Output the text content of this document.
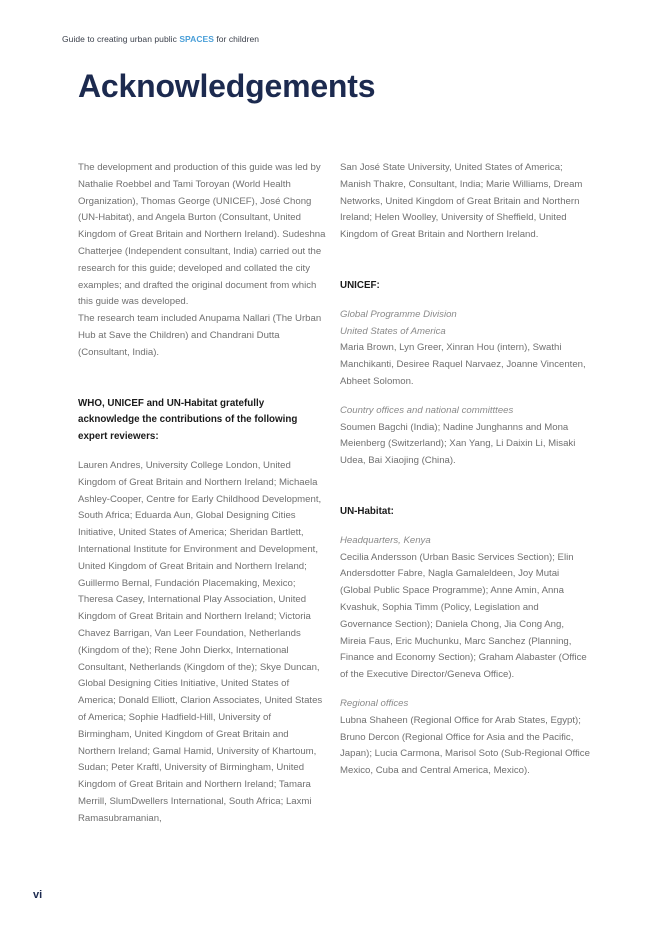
Guide to creating urban public SPACES for children
Acknowledgements

The development and production of this guide was led by Nathalie Roebbel and Tami Toroyan (World Health Organization), Thomas George (UNICEF), José Chong (UN-Habitat), and Angela Burton (Consultant, United Kingdom of Great Britain and Northern Ireland). Sudeshna Chatterjee (Independent consultant, India) carried out the research for this guide; developed and collated the city examples; and drafted the original document from which this guide was developed.

The research team included Anupama Nallari (The Urban Hub at Save the Children) and Chandrani Dutta (Consultant, India).

WHO, UNICEF and UN-Habitat gratefully acknowledge the contributions of the following expert reviewers:

Lauren Andres, University College London, United Kingdom of Great Britain and Northern Ireland; Michaela Ashley-Cooper, Centre for Early Childhood Development, South Africa; Eduarda Aun, Global Designing Cities Initiative, United States of America; Sheridan Bartlett, International Institute for Environment and Development, United Kingdom of Great Britain and Northern Ireland; Guillermo Bernal, Fundación Placemaking, Mexico; Theresa Casey, International Play Association, United Kingdom of Great Britain and Northern Ireland; Victoria Chavez Barrigan, Van Leer Foundation, Netherlands (Kingdom of the); Rene John Dierkx, International Consultant, Netherlands (Kingdom of the); Skye Duncan, Global Designing Cities Initiative, United States of America; Donald Elliott, Clarion Associates, United States of America; Sophie Hadfield-Hill, University of Birmingham, United Kingdom of Great Britain and Northern Ireland; Gamal Hamid, University of Khartoum, Sudan; Peter Kraftl, University of Birmingham, United Kingdom of Great Britain and Northern Ireland; Tamara Merrill, SlumDwellers International, South Africa; Laxmi Ramasubramanian,

San José State University, United States of America; Manish Thakre, Consultant, India; Marie Williams, Dream Networks, United Kingdom of Great Britain and Northern Ireland; Helen Woolley, University of Sheffield, United Kingdom of Great Britain and Northern Ireland.

UNICEF:

Global Programme Division

United States of America

Maria Brown, Lyn Greer, Xinran Hou (intern), Swathi Manchikanti, Desiree Raquel Narvaez, Joanne Vincenten, Abheet Solomon.

Country offices and national committtees

Soumen Bagchi (India); Nadine Junghanns and Mona Meienberg (Switzerland); Xan Yang, Li Daixin Li, Misaki Udea, Bai Xiaojing (China).

UN-Habitat:

Headquarters, Kenya

Cecilia Andersson (Urban Basic Services Section); Elin Andersdotter Fabre, Nagla Gamaleldeen, Joy Mutai (Global Public Space Programme); Anne Amin, Anna Kvashuk, Sophia Timm (Policy, Legislation and Governance Section); Daniela Chong, Jia Cong Ang, Mireia Faus, Eric Muchunku, Marc Sanchez (Planning, Finance and Economy Section); Graham Alabaster (Office of the Executive Director/Geneva Office).

Regional offices

Lubna Shaheen (Regional Office for Arab States, Egypt); Bruno Dercon (Regional Office for Asia and the Pacific, Japan); Lucia Carmona, Marisol Soto (Sub-Regional Office Mexico, Cuba and Central America, Mexico).

vi
